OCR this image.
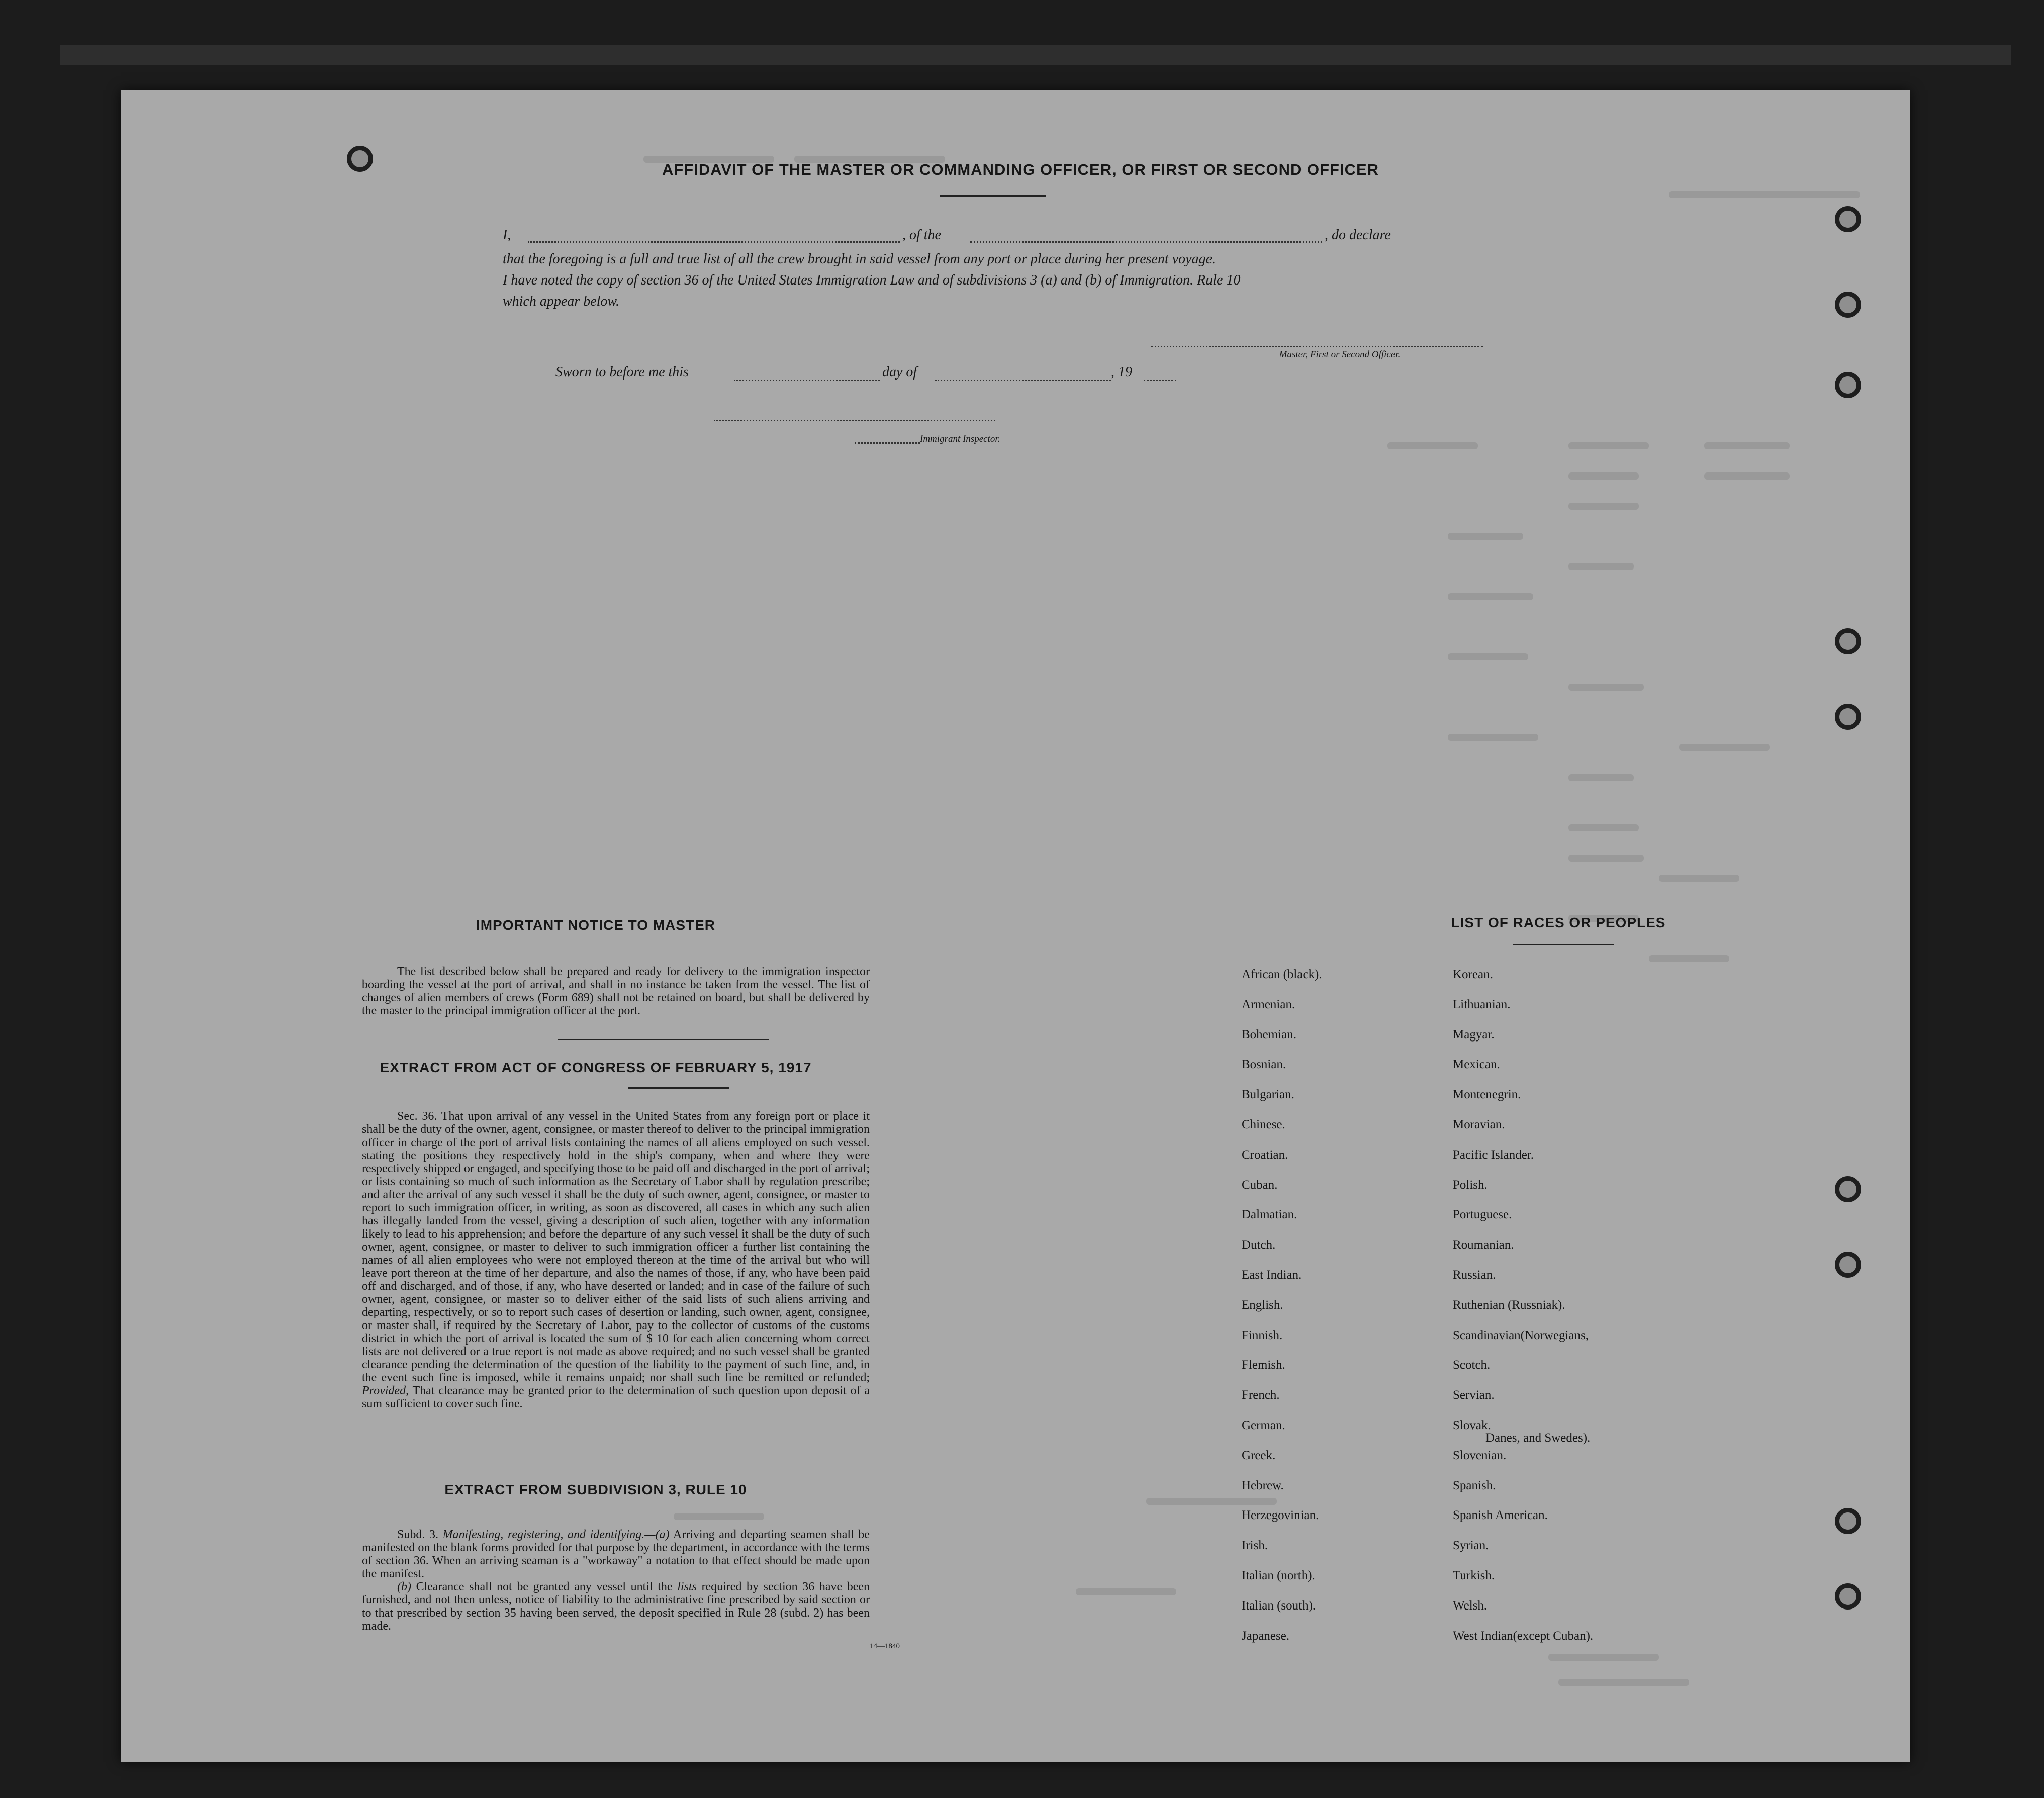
AFFIDAVIT OF THE MASTER OR COMMANDING OFFICER, OR FIRST OR SECOND OFFICER
I,	, of the	, do declare
that the foregoing is a full and true list of all the crew brought in said vessel from any port or place during her present voyage.
I have noted the copy of section 36 of the United States Immigration Law and of subdivisions 3 (a) and (b) of Immigration. Rule 10
which appear below.
Master, First or Second Officer.
Sworn to before me this	day of	, 19
Immigrant Inspector.
IMPORTANT NOTICE TO MASTER
The list described below shall be prepared and ready for delivery to the immigration inspector boarding the vessel at the port of arrival, and shall in no instance be taken from the vessel. The list of changes of alien members of crews (Form 689) shall not be retained on board, but shall be delivered by the master to the principal immigration officer at the port.
EXTRACT FROM ACT OF CONGRESS OF FEBRUARY 5, 1917
Sec. 36. That upon arrival of any vessel in the United States from any foreign port or place it shall be the duty of the owner, agent, consignee, or master thereof to deliver to the principal immigration officer in charge of the port of arrival lists containing the names of all aliens employed on such vessel. stating the positions they respectively hold in the ship's company, when and where they were respectively shipped or engaged, and specifying those to be paid off and discharged in the port of arrival; or lists containing so much of such information as the Secretary of Labor shall by regulation prescribe; and after the arrival of any such vessel it shall be the duty of such owner, agent, consignee, or master to report to such immigration officer, in writing, as soon as discovered, all cases in which any such alien has illegally landed from the vessel, giving a description of such alien, together with any information likely to lead to his apprehension; and before the departure of any such vessel it shall be the duty of such owner, agent, consignee, or master to deliver to such immigration officer a further list containing the names of all alien employees who were not employed thereon at the time of the arrival but who will leave port thereon at the time of her departure, and also the names of those, if any, who have been paid off and discharged, and of those, if any, who have deserted or landed; and in case of the failure of such owner, agent, consignee, or master so to deliver either of the said lists of such aliens arriving and departing, respectively, or so to report such cases of desertion or landing, such owner, agent, consignee, or master shall, if required by the Secretary of Labor, pay to the collector of customs of the customs district in which the port of arrival is located the sum of $ 10 for each alien concerning whom correct lists are not delivered or a true report is not made as above required; and no such vessel shall be granted clearance pending the determination of the question of the liability to the payment of such fine, and, in the event such fine is imposed, while it remains unpaid; nor shall such fine be remitted or refunded; Provided, That clearance may be granted prior to the determination of such question upon deposit of a sum sufficient to cover such fine.
EXTRACT FROM SUBDIVISION 3, RULE 10
Subd. 3. Manifesting, registering, and identifying.—(a) Arriving and departing seamen shall be manifested on the blank forms provided for that purpose by the department, in accordance with the terms of section 36. When an arriving seaman is a "workaway" a notation to that effect should be made upon the manifest.
(b) Clearance shall not be granted any vessel until the lists required by section 36 have been furnished, and not then unless, notice of liability to the administrative fine prescribed by said section or to that prescribed by section 35 having been served, the deposit specified in Rule 28 (subd. 2) has been made.
14—1840
LIST OF RACES OR PEOPLES
Danes, and Swedes).
African (black).
Armenian.
Bohemian.
Bosnian.
Bulgarian.
Chinese.
Croatian.
Cuban.
Dalmatian.
Dutch.
East Indian.
English.
Finnish.
Flemish.
French.
German.
Greek.
Hebrew.
Herzegovinian.
Irish.
Italian (north).
Italian (south).
Japanese.
Korean.
Lithuanian.
Magyar.
Mexican.
Montenegrin.
Moravian.
Pacific Islander.
Polish.
Portuguese.
Roumanian.
Russian.
Ruthenian (Russniak).
Scandinavian(Norwegians,
Scotch.
Servian.
Slovak.
Slovenian.
Spanish.
Spanish American.
Syrian.
Turkish.
Welsh.
West Indian(except Cuban).
